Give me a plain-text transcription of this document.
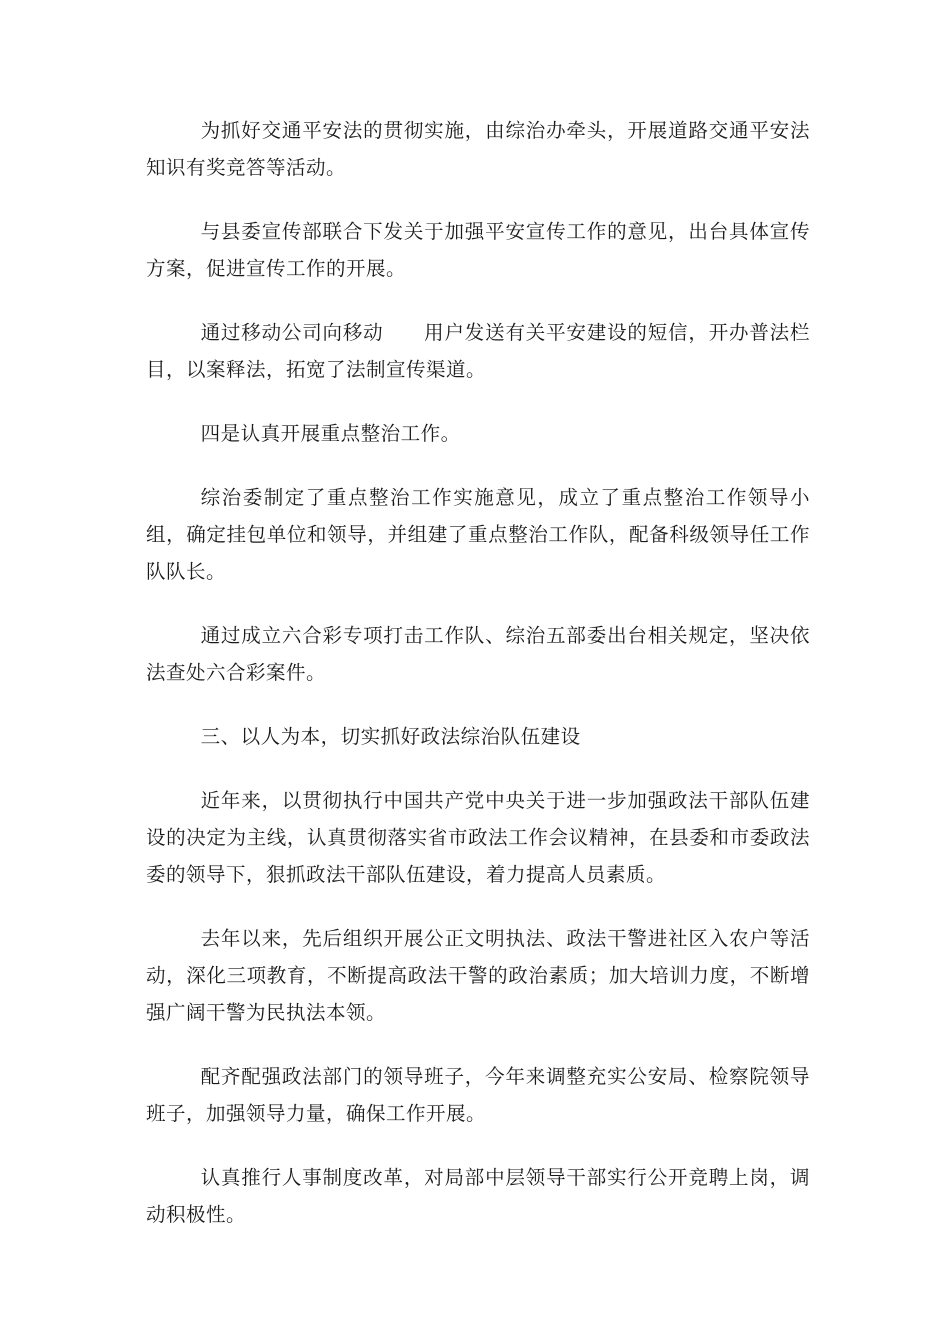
为抓好交通平安法的贯彻实施，由综治办牵头，开展道路交通平安法知识有奖竞答等活动。

与县委宣传部联合下发关于加强平安宣传工作的意见，出台具体宣传方案，促进宣传工作的开展。

通过移动公司向移动　　用户发送有关平安建设的短信，开办普法栏目，以案释法，拓宽了法制宣传渠道。

四是认真开展重点整治工作。

综治委制定了重点整治工作实施意见，成立了重点整治工作领导小组，确定挂包单位和领导，并组建了重点整治工作队，配备科级领导任工作队队长。

通过成立六合彩专项打击工作队、综治五部委出台相关规定，坚决依法查处六合彩案件。

三、以人为本，切实抓好政法综治队伍建设

近年来，以贯彻执行中国共产党中央关于进一步加强政法干部队伍建设的决定为主线，认真贯彻落实省市政法工作会议精神，在县委和市委政法委的领导下，狠抓政法干部队伍建设，着力提高人员素质。

去年以来，先后组织开展公正文明执法、政法干警进社区入农户等活动，深化三项教育，不断提高政法干警的政治素质；加大培训力度，不断增强广阔干警为民执法本领。

配齐配强政法部门的领导班子，今年来调整充实公安局、检察院领导班子，加强领导力量，确保工作开展。

认真推行人事制度改革，对局部中层领导干部实行公开竞聘上岗，调动积极性。
